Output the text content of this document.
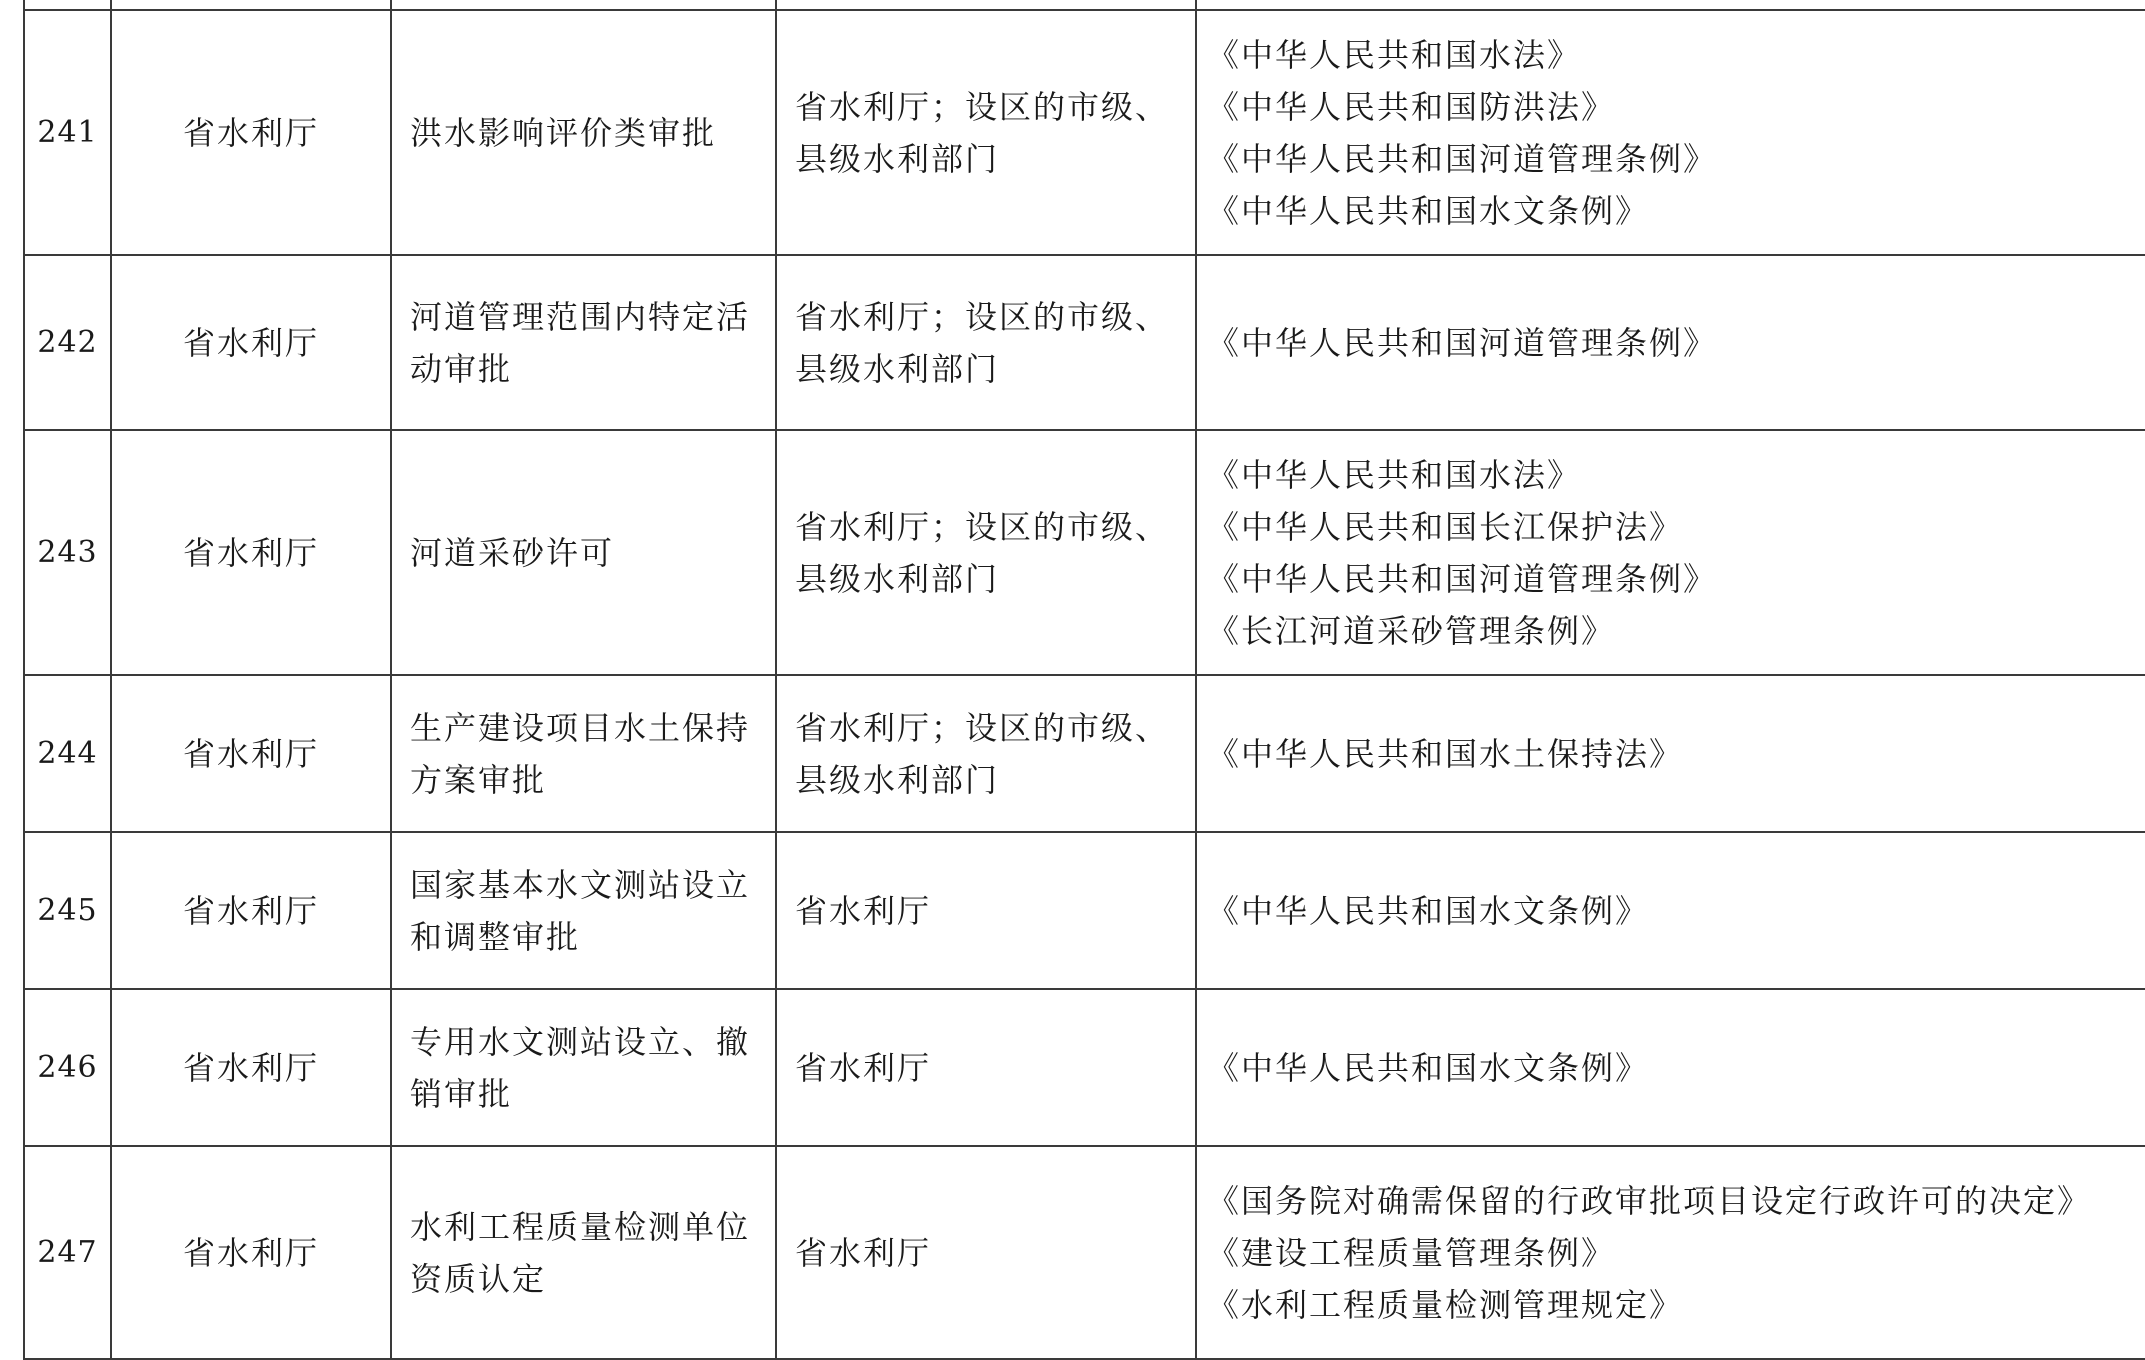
241	省水利厅	洪水影响评价类审批	省水利厅；设区的市级、县级水利部门	《中华人民共和国水法》
《中华人民共和国防洪法》
《中华人民共和国河道管理条例》
《中华人民共和国水文条例》

242	省水利厅	河道管理范围内特定活动审批	省水利厅；设区的市级、县级水利部门	《中华人民共和国河道管理条例》

243	省水利厅	河道采砂许可	省水利厅；设区的市级、县级水利部门	《中华人民共和国水法》
《中华人民共和国长江保护法》
《中华人民共和国河道管理条例》
《长江河道采砂管理条例》

244	省水利厅	生产建设项目水土保持方案审批	省水利厅；设区的市级、县级水利部门	《中华人民共和国水土保持法》

245	省水利厅	国家基本水文测站设立和调整审批	省水利厅	《中华人民共和国水文条例》

246	省水利厅	专用水文测站设立、撤销审批	省水利厅	《中华人民共和国水文条例》

247	省水利厅	水利工程质量检测单位资质认定	省水利厅	《国务院对确需保留的行政审批项目设定行政许可的决定》
《建设工程质量管理条例》
《水利工程质量检测管理规定》
